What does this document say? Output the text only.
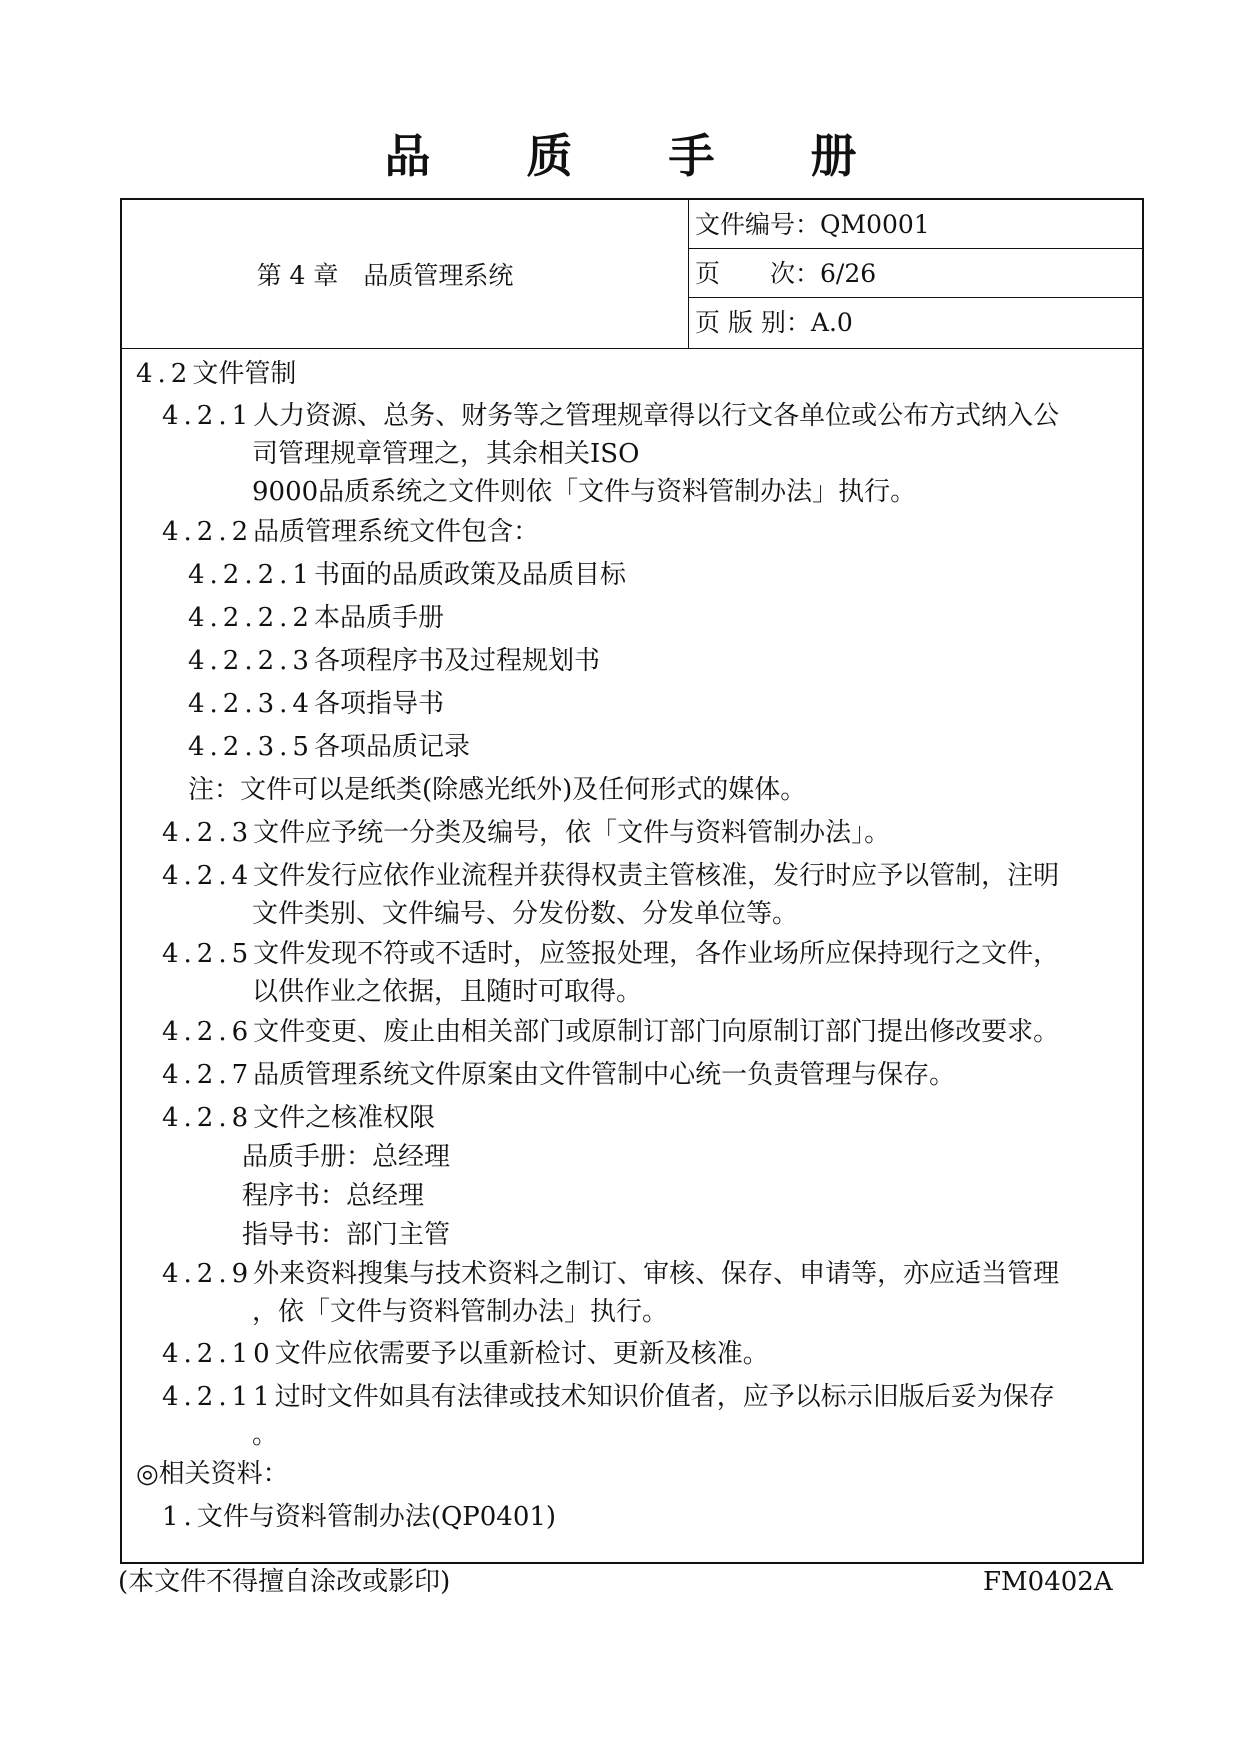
品 质 手 册
第 4 章　品质管理系统
文件编号：QM0001
页　　次：6/26
页 版 别：A.0
4.2文件管制
4.2.1人力资源、总务、财务等之管理规章得以行文各单位或公布方式纳入公
司管理规章管理之，其余相关ISO
9000品质系统之文件则依「文件与资料管制办法」执行。
4.2.2品质管理系统文件包含：
4.2.2.1书面的品质政策及品质目标
4.2.2.2本品质手册
4.2.2.3各项程序书及过程规划书
4.2.3.4各项指导书
4.2.3.5各项品质记录
注：文件可以是纸类(除感光纸外)及任何形式的媒体。
4.2.3文件应予统一分类及编号，依「文件与资料管制办法」。
4.2.4文件发行应依作业流程并获得权责主管核准，发行时应予以管制，注明
文件类别、文件编号、分发份数、分发单位等。
4.2.5文件发现不符或不适时，应签报处理，各作业场所应保持现行之文件，
以供作业之依据，且随时可取得。
4.2.6文件变更、废止由相关部门或原制订部门向原制订部门提出修改要求。
4.2.7品质管理系统文件原案由文件管制中心统一负责管理与保存。
4.2.8文件之核准权限
品质手册：总经理
程序书：总经理
指导书：部门主管
4.2.9外来资料搜集与技术资料之制订、审核、保存、申请等，亦应适当管理
，依「文件与资料管制办法」执行。
4.2.10文件应依需要予以重新检讨、更新及核准。
4.2.11过时文件如具有法律或技术知识价值者，应予以标示旧版后妥为保存
。
◎相关资料：
1.文件与资料管制办法(QP0401)
(本文件不得擅自涂改或影印)	FM0402A
